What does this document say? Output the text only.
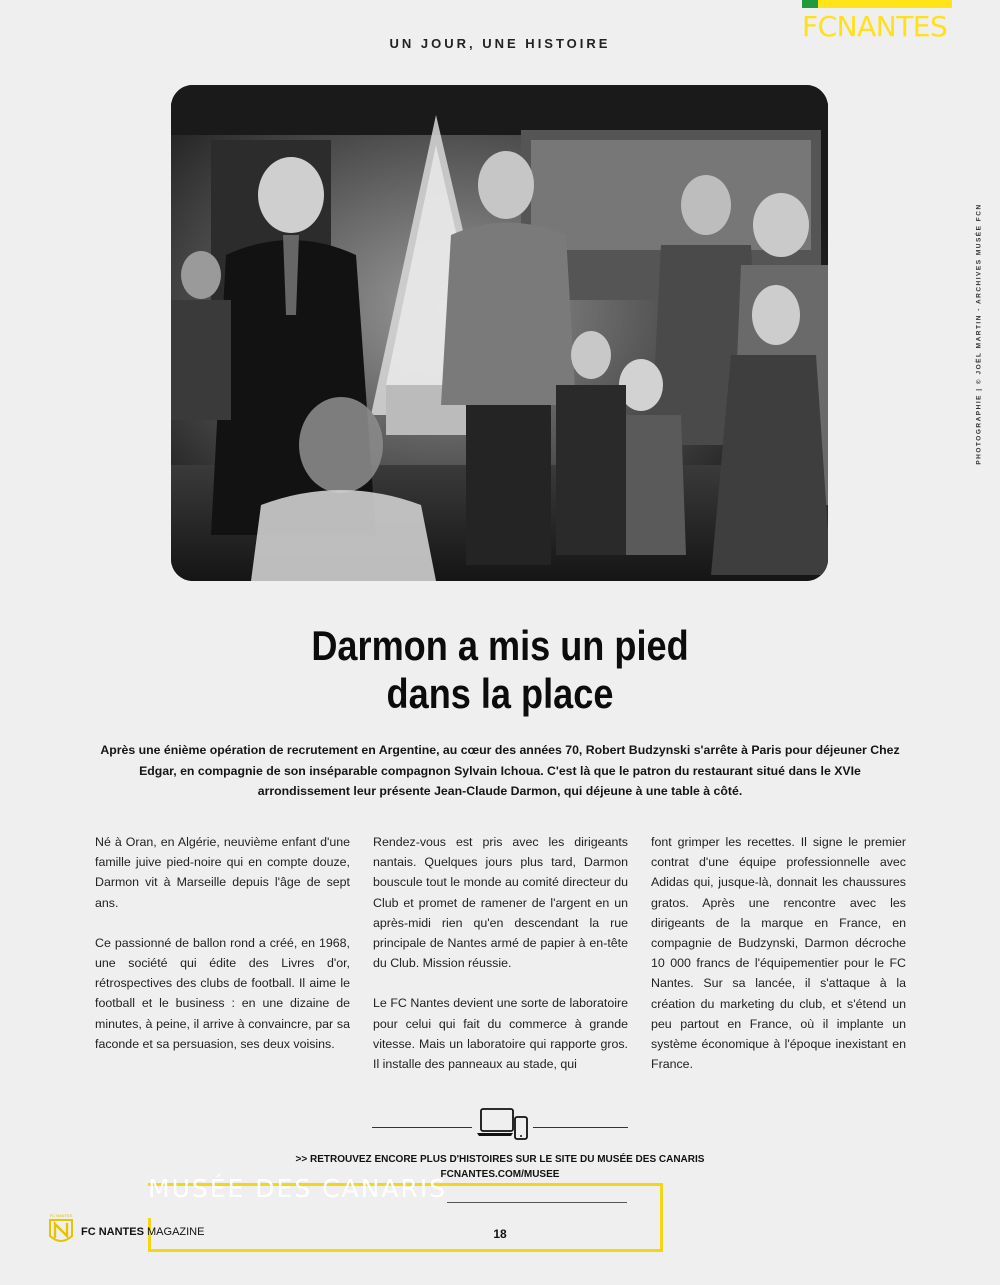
UN JOUR, UNE HISTOIRE
FCNANTES
PHOTOGRAPHIE | © JOËL MARTIN - ARCHIVES MUSÉE FCN
Darmon a mis un pied
dans la place
Après une énième opération de recrutement en Argentine, au cœur des années 70, Robert Budzynski s'arrête à Paris pour déjeuner Chez Edgar, en compagnie de son inséparable compagnon Sylvain Ichoua. C'est là que le patron du restaurant situé dans le XVIe arrondissement leur présente Jean-Claude Darmon, qui déjeune à une table à côté.

Né à Oran, en Algérie, neuvième enfant d'une famille juive pied-noire qui en compte douze, Darmon vit à Marseille depuis l'âge de sept ans.

Ce passionné de ballon rond a créé, en 1968, une société qui édite des Livres d'or, rétrospectives des clubs de football. Il aime le football et le business : en une dizaine de minutes, à peine, il arrive à convaincre, par sa faconde et sa persuasion, ses deux voisins.

Rendez-vous est pris avec les dirigeants nantais. Quelques jours plus tard, Darmon bouscule tout le monde au comité directeur du Club et promet de ramener de l'argent en un après-midi rien qu'en descendant la rue principale de Nantes armé de papier à en-tête du Club. Mission réussie.

Le FC Nantes devient une sorte de laboratoire pour celui qui fait du commerce à grande vitesse. Mais un laboratoire qui rapporte gros. Il installe des panneaux au stade, qui

font grimper les recettes. Il signe le premier contrat d'une équipe professionnelle avec Adidas qui, jusque-là, donnait les chaussures gratos. Après une rencontre avec les dirigeants de la marque en France, en compagnie de Budzynski, Darmon décroche 10 000 francs de l'équipementier pour le FC Nantes. Sur sa lancée, il s'attaque à la création du marketing du club, et s'étend un peu partout en France, où il implante un système économique à l'époque inexistant en France.

>> RETROUVEZ ENCORE PLUS D'HISTOIRES SUR LE SITE DU MUSÉE DES CANARIS
FCNANTES.COM/MUSEE
MUSÉE DES CANARIS
FC NANTES
FC NANTES MAGAZINE	18
